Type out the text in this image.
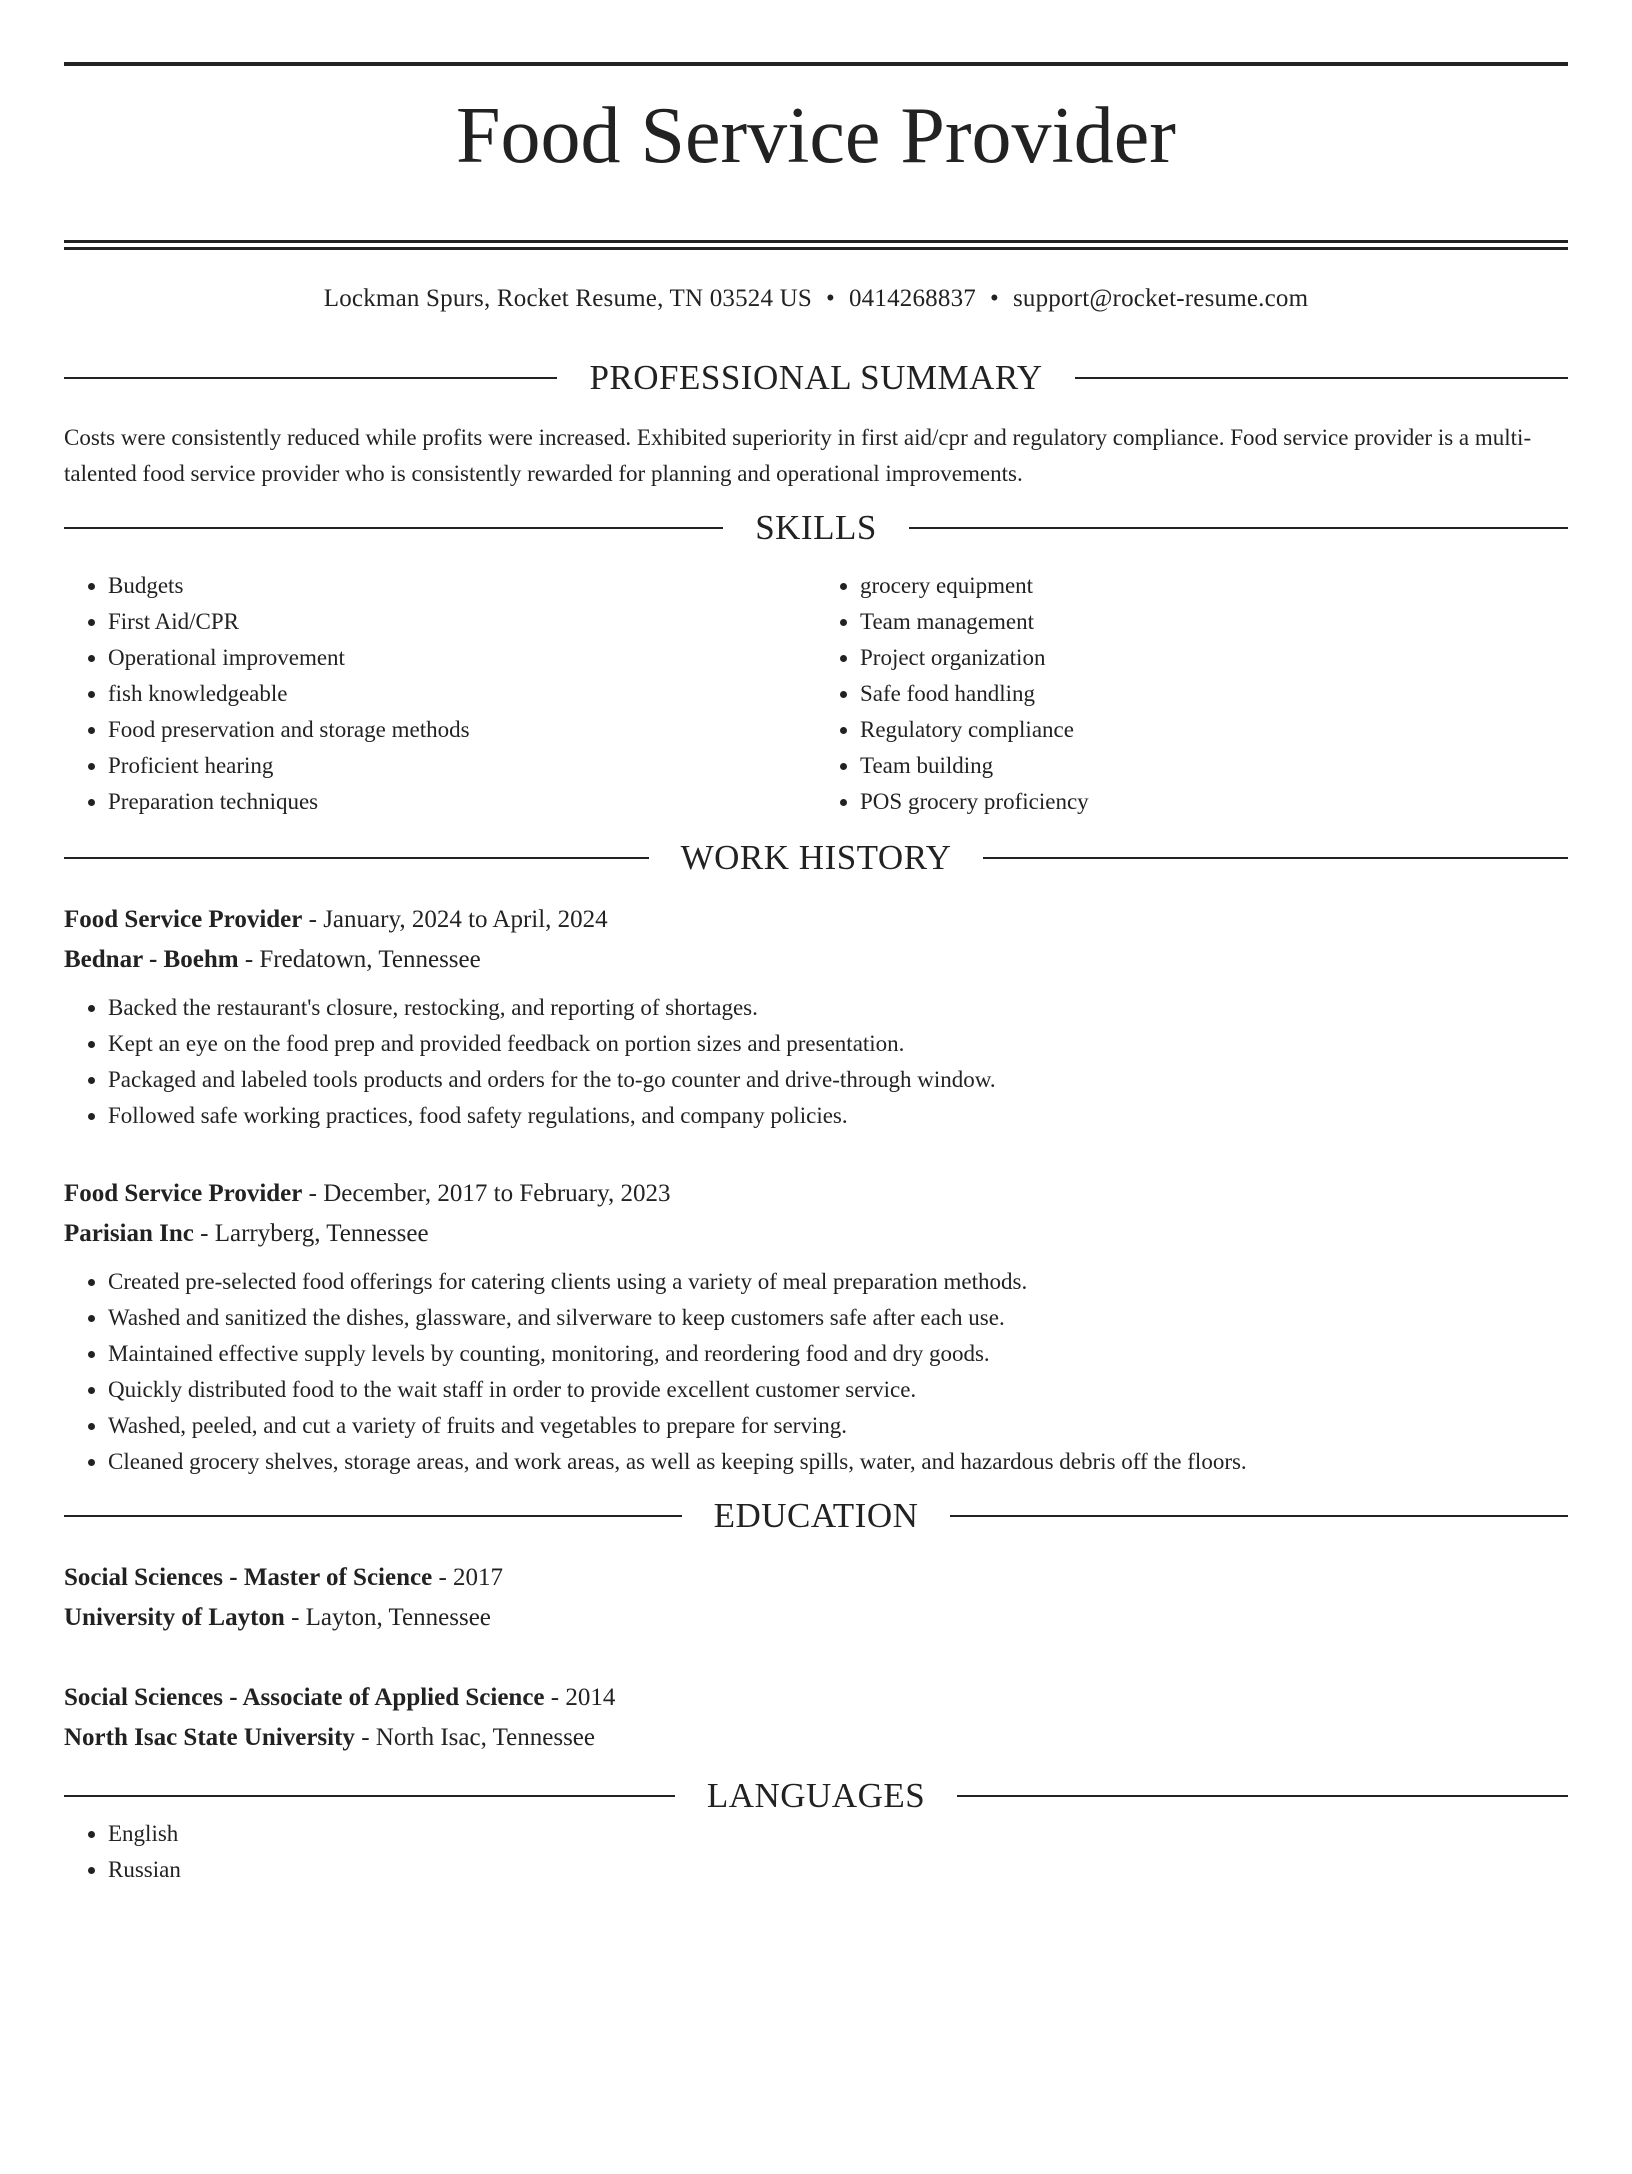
Food Service Provider
Lockman Spurs, Rocket Resume, TN 03524 US • 0414268837 • support@rocket-resume.com
PROFESSIONAL SUMMARY
Costs were consistently reduced while profits were increased. Exhibited superiority in first aid/cpr and regulatory compliance. Food service provider is a multi-talented food service provider who is consistently rewarded for planning and operational improvements.
SKILLS
• Budgets
• First Aid/CPR
• Operational improvement
• fish knowledgeable
• Food preservation and storage methods
• Proficient hearing
• Preparation techniques
• grocery equipment
• Team management
• Project organization
• Safe food handling
• Regulatory compliance
• Team building
• POS grocery proficiency
WORK HISTORY
Food Service Provider - January, 2024 to April, 2024
Bednar - Boehm - Fredatown, Tennessee
• Backed the restaurant's closure, restocking, and reporting of shortages.
• Kept an eye on the food prep and provided feedback on portion sizes and presentation.
• Packaged and labeled tools products and orders for the to-go counter and drive-through window.
• Followed safe working practices, food safety regulations, and company policies.
Food Service Provider - December, 2017 to February, 2023
Parisian Inc - Larryberg, Tennessee
• Created pre-selected food offerings for catering clients using a variety of meal preparation methods.
• Washed and sanitized the dishes, glassware, and silverware to keep customers safe after each use.
• Maintained effective supply levels by counting, monitoring, and reordering food and dry goods.
• Quickly distributed food to the wait staff in order to provide excellent customer service.
• Washed, peeled, and cut a variety of fruits and vegetables to prepare for serving.
• Cleaned grocery shelves, storage areas, and work areas, as well as keeping spills, water, and hazardous debris off the floors.
EDUCATION
Social Sciences - Master of Science - 2017
University of Layton - Layton, Tennessee
Social Sciences - Associate of Applied Science - 2014
North Isac State University - North Isac, Tennessee
LANGUAGES
• English
• Russian
